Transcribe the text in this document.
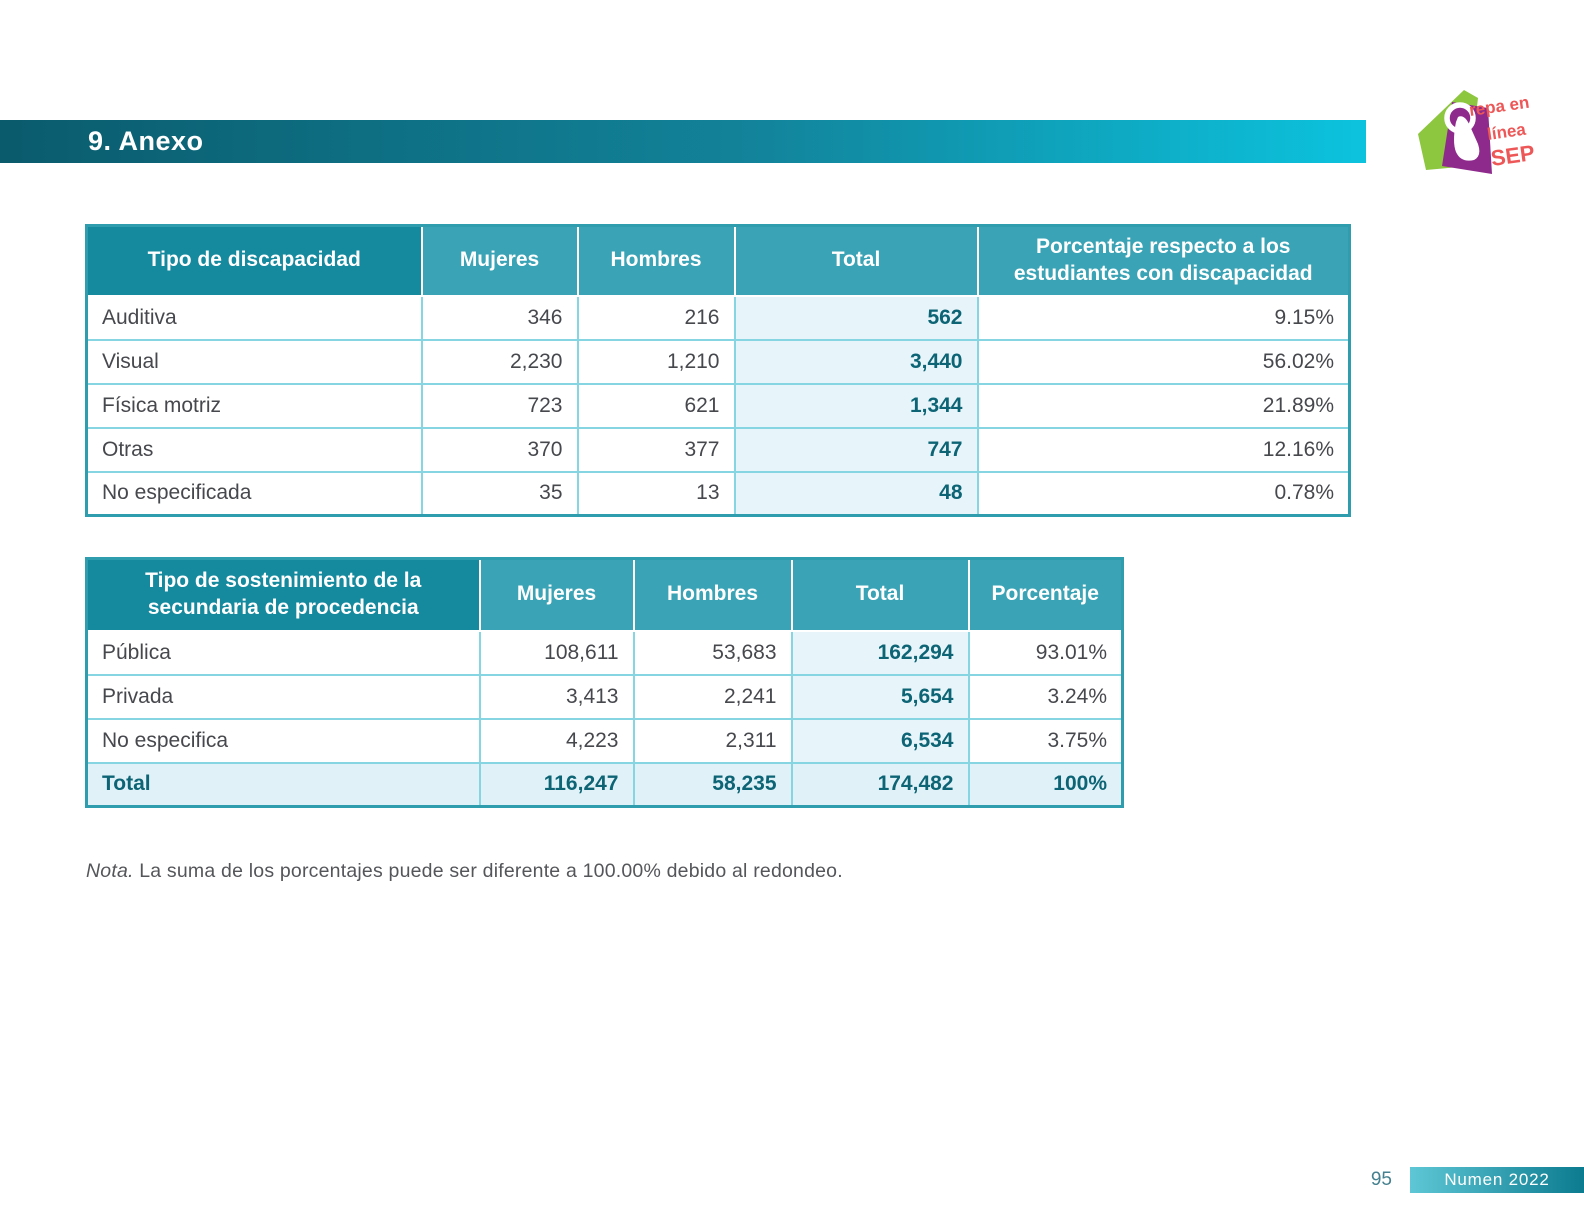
9. Anexo
repa en
línea
SEP
Tipo de discapacidad	Mujeres	Hombres	Total	Porcentaje respecto a los estudiantes con discapacidad
Auditiva	346	216	562	9.15%
Visual	2,230	1,210	3,440	56.02%
Física motriz	723	621	1,344	21.89%
Otras	370	377	747	12.16%
No especificada	35	13	48	0.78%
Tipo de sostenimiento de la secundaria de procedencia	Mujeres	Hombres	Total	Porcentaje
Pública	108,611	53,683	162,294	93.01%
Privada	3,413	2,241	5,654	3.24%
No especifica	4,223	2,311	6,534	3.75%
Total	116,247	58,235	174,482	100%

Nota. La suma de los porcentajes puede ser diferente a 100.00% debido al redondeo.

95	Numen 2022
